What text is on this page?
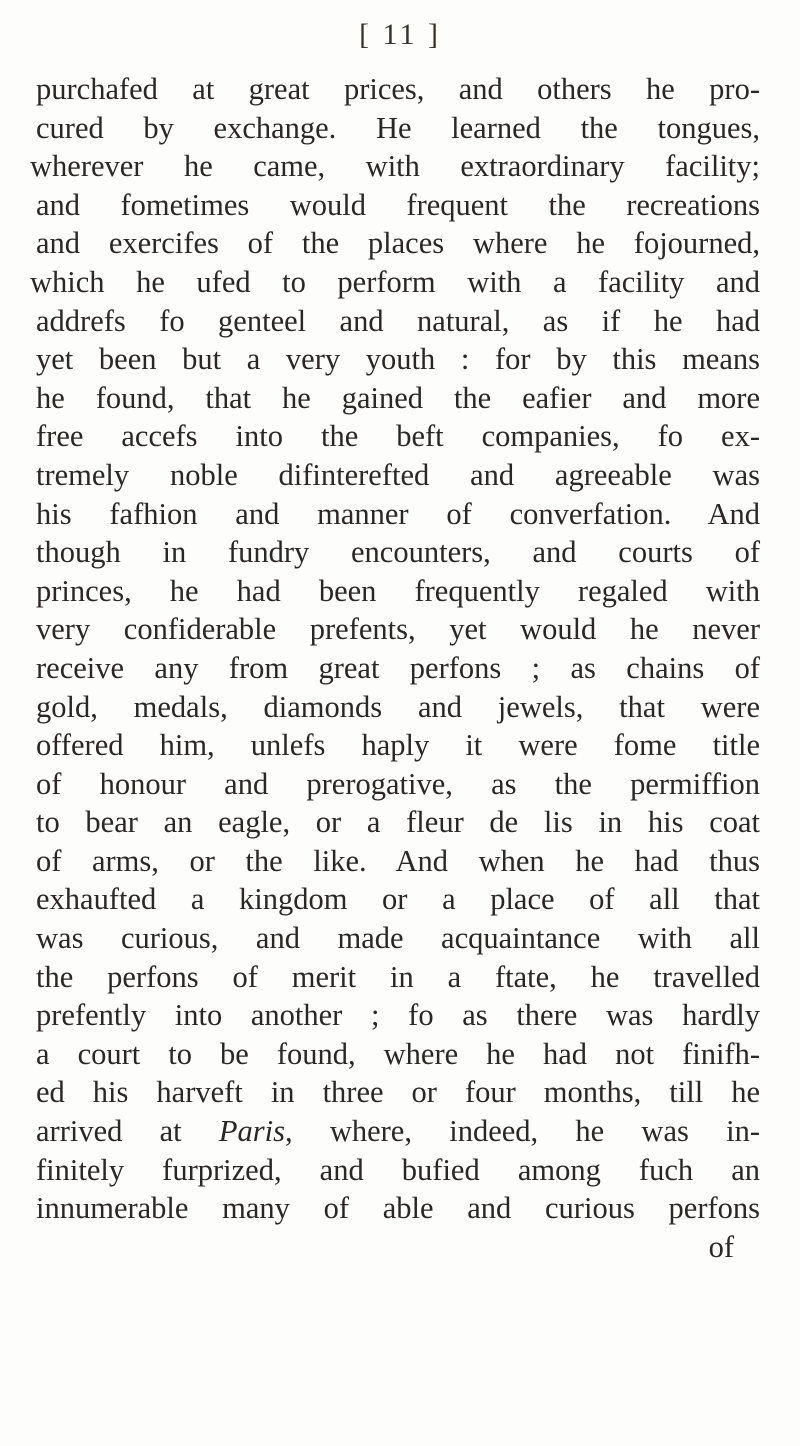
[ 11 ]
purchafed at great prices, and others he pro-
cured by exchange. He learned the tongues,
wherever he came, with extraordinary facility;
and fometimes would frequent the recreations
and exercifes of the places where he fojourned,
which he ufed to perform with a facility and
addrefs fo genteel and natural, as if he had
yet been but a very youth : for by this means
he found, that he gained the eafier and more
free accefs into the beft companies, fo ex-
tremely noble difinterefted and agreeable was
his fafhion and manner of converfation. And
though in fundry encounters, and courts of
princes, he had been frequently regaled with
very confiderable prefents, yet would he never
receive any from great perfons ; as chains of
gold, medals, diamonds and jewels, that were
offered him, unlefs haply it were fome title
of honour and prerogative, as the permiffion
to bear an eagle, or a fleur de lis in his coat
of arms, or the like. And when he had thus
exhaufted a kingdom or a place of all that
was curious, and made acquaintance with all
the perfons of merit in a ftate, he travelled
prefently into another ; fo as there was hardly
a court to be found, where he had not finifh-
ed his harveft in three or four months, till he
arrived at Paris, where, indeed, he was in-
finitely furprized, and bufied among fuch an
innumerable many of able and curious perfons
of
